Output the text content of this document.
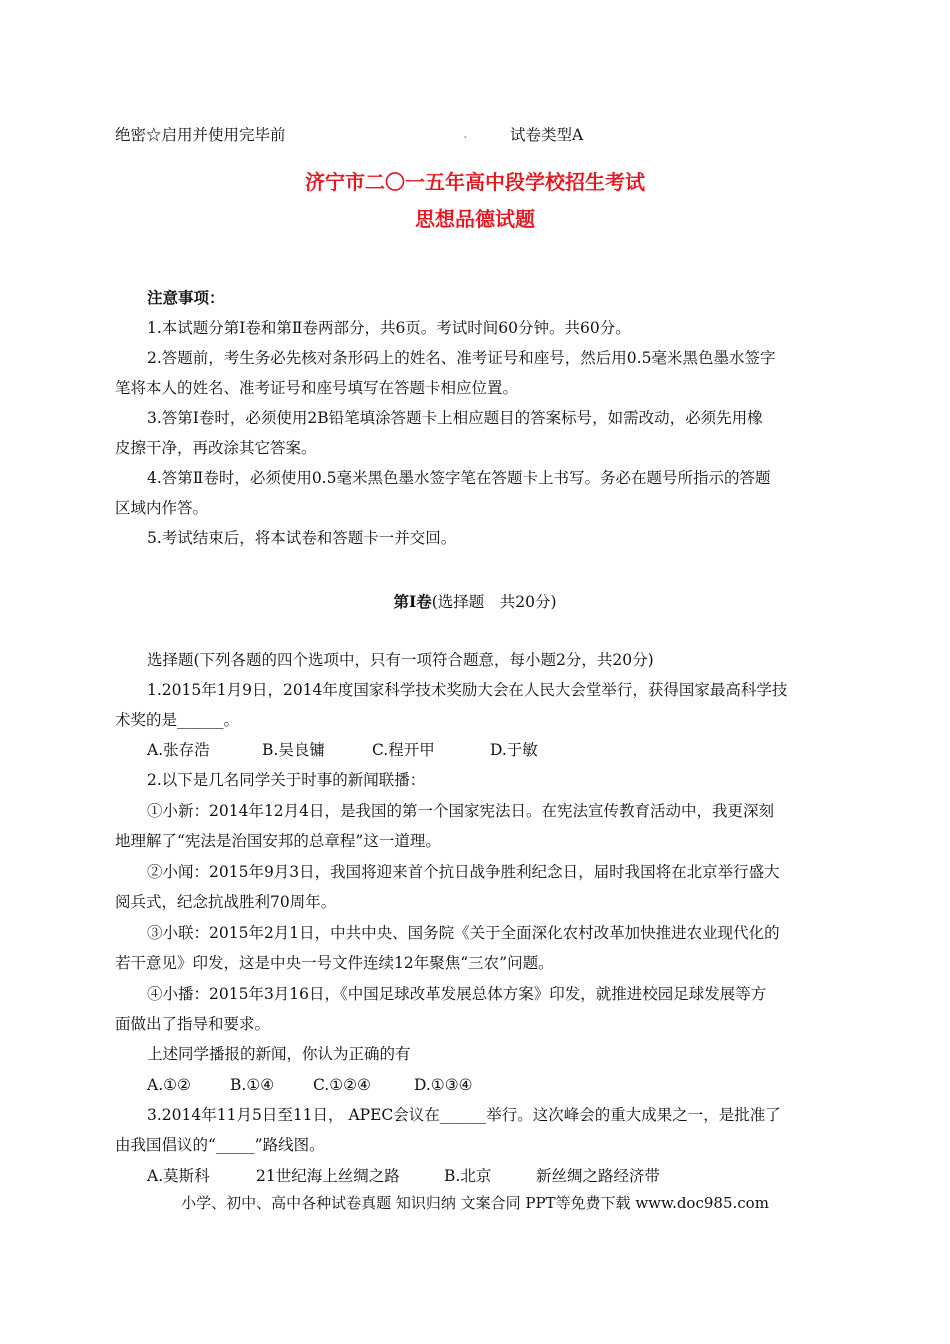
绝密☆启用并使用完毕前	.	试卷类型A
济宁市二〇一五年高中段学校招生考试
思想品德试题
注意事项：
1.本试题分第Ⅰ卷和第Ⅱ卷两部分，共6页。考试时间60分钟。共60分。
2.答题前，考生务必先核对条形码上的姓名、准考证号和座号，然后用0.5毫米黑色墨水签字
笔将本人的姓名、准考证号和座号填写在答题卡相应位置。
3.答第Ⅰ卷时，必须使用2B铅笔填涂答题卡上相应题目的答案标号，如需改动，必须先用橡
皮擦干净，再改涂其它答案。
4.答第Ⅱ卷时，必须使用0.5毫米黑色墨水签字笔在答题卡上书写。务必在题号所指示的答题
区域内作答。
5.考试结束后，将本试卷和答题卡一并交回。
第Ⅰ卷(选择题　共20分)
选择题(下列各题的四个选项中，只有一项符合题意，每小题2分，共20分)
1.2015年1月9日，2014年度国家科学技术奖励大会在人民大会堂举行，获得国家最高科学技
术奖的是______。
A.张存浩	B.吴良镛	C.程开甲	D.于敏
2.以下是几名同学关于时事的新闻联播：
①小新：2014年12月4日，是我国的第一个国家宪法日。在宪法宣传教育活动中，我更深刻
地理解了“宪法是治国安邦的总章程”这一道理。
②小闻：2015年9月3日，我国将迎来首个抗日战争胜利纪念日，届时我国将在北京举行盛大
阅兵式，纪念抗战胜利70周年。
③小联：2015年2月1日，中共中央、国务院《关于全面深化农村改革加快推进农业现代化的
若干意见》印发，这是中央一号文件连续12年聚焦“三农”问题。
④小播：2015年3月16日，《中国足球改革发展总体方案》印发，就推进校园足球发展等方
面做出了指导和要求。
上述同学播报的新闻，你认为正确的有
A.①②	B.①④	C.①②④	D.①③④
3.2014年11月5日至11日， APEC会议在______举行。这次峰会的重大成果之一，是批准了
由我国倡议的“_____”路线图。
A.莫斯科	21世纪海上丝绸之路	B.北京	新丝绸之路经济带
小学、初中、高中各种试卷真题 知识归纳 文案合同 PPT等免费下载 www.doc985.com
